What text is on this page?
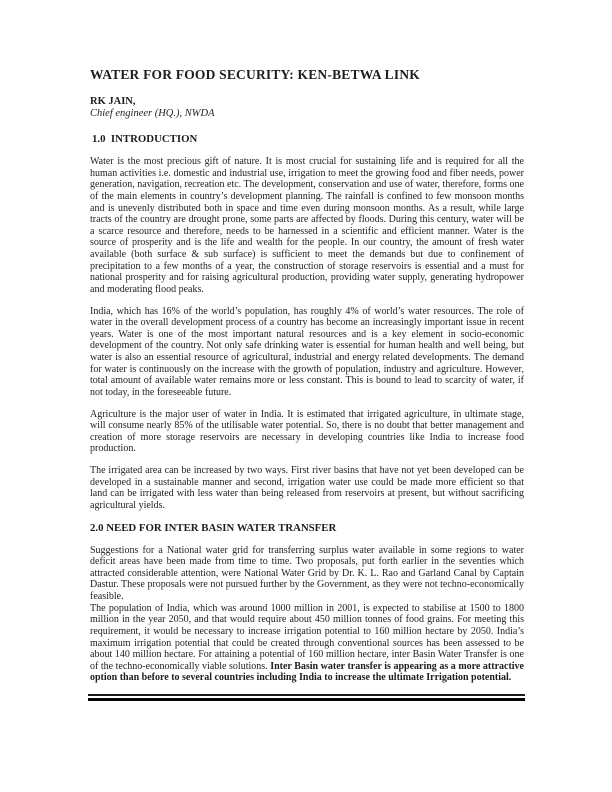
WATER FOR FOOD SECURITY: KEN-BETWA LINK
RK JAIN,
Chief engineer (HQ.), NWDA
1.0  INTRODUCTION

Water is the most precious gift of nature. It is most crucial for sustaining life and is required for all the human activities i.e. domestic and industrial use, irrigation to meet the growing food and fiber needs, power generation, navigation, recreation etc. The development, conservation and use of water, therefore, forms one of the main elements in country’s development planning. The rainfall is confined to few monsoon months and is unevenly distributed both in space and time even during monsoon months. As a result, while large tracts of the country are drought prone, some parts are affected by floods. During this century, water will be a scarce resource and therefore, needs to be harnessed in a scientific and efficient manner. Water is the source of prosperity and is the life and wealth for the people. In our country, the amount of fresh water available (both surface & sub surface) is sufficient to meet the demands but due to confinement of precipitation to a few months of a year, the construction of storage reservoirs is essential and a must for national prosperity and for raising agricultural production, providing water supply, generating hydropower and moderating flood peaks.

India, which has 16% of the world’s population, has roughly 4% of world’s water resources. The role of water in the overall development process of a country has become an increasingly important issue in recent years. Water is one of the most important natural resources and is a key element in socio-economic development of the country. Not only safe drinking water is essential for human health and well being, but water is also an essential resource of agricultural, industrial and energy related developments. The demand for water is continuously on the increase with the growth of population, industry and agriculture. However, total amount of available water remains more or less constant. This is bound to lead to scarcity of water, if not today, in the foreseeable future.

Agriculture is the major user of water in India. It is estimated that irrigated agriculture, in ultimate stage, will consume nearly 85% of the utilisable water potential. So, there is no doubt that better management and creation of more storage reservoirs are necessary in developing countries like India to increase food production.

The irrigated area can be increased by two ways. First river basins that have not yet been developed can be developed in a sustainable manner and second, irrigation water use could be made more efficient so that land can be irrigated with less water than being released from reservoirs at present, but without sacrificing agricultural yields.

2.0 NEED FOR INTER BASIN WATER TRANSFER

Suggestions for a National water grid for transferring surplus water available in some regions to water deficit areas have been made from time to time. Two proposals, put forth earlier in the seventies which attracted considerable attention, were National Water Grid by Dr. K. L. Rao and Garland Canal by Captain Dastur. These proposals were not pursued further by the Government, as they were not techno-economically feasible.

The population of India, which was around 1000 million in 2001, is expected to stabilise at 1500 to 1800 million in the year 2050, and that would require about 450 million tonnes of food grains. For meeting this requirement, it would be necessary to increase irrigation potential to 160 million hectare by 2050. India’s maximum irrigation potential that could be created through conventional sources has been assessed to be about 140 million hectare. For attaining a potential of 160 million hectare, inter Basin Water Transfer is one of the techno-economically viable solutions. Inter Basin water transfer is appearing as a more attractive option than before to several countries including India to increase the ultimate Irrigation potential.
